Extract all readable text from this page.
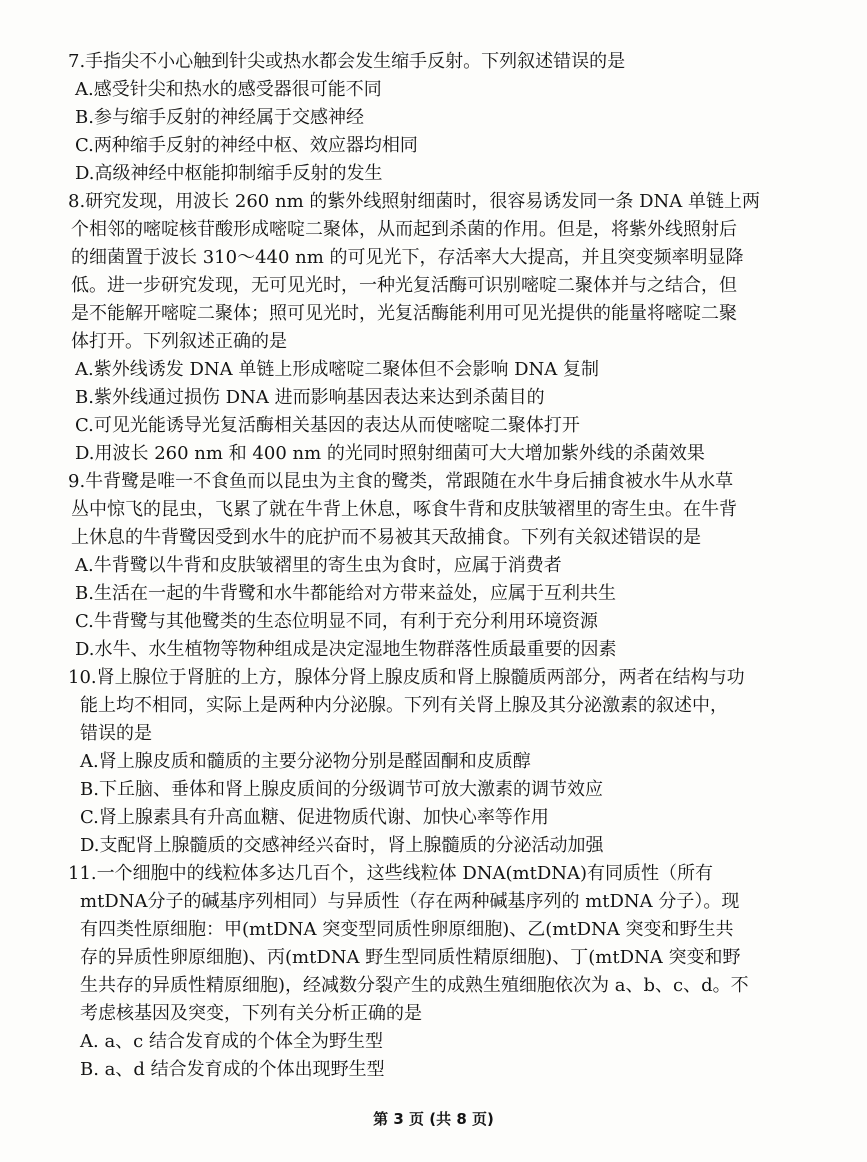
7.手指尖不小心触到针尖或热水都会发生缩手反射。下列叙述错误的是
A.感受针尖和热水的感受器很可能不同
B.参与缩手反射的神经属于交感神经
C.两种缩手反射的神经中枢、效应器均相同
D.高级神经中枢能抑制缩手反射的发生
8.研究发现，用波长 260 nm 的紫外线照射细菌时，很容易诱发同一条 DNA 单链上两
个相邻的嘧啶核苷酸形成嘧啶二聚体，从而起到杀菌的作用。但是，将紫外线照射后
的细菌置于波长 310～440 nm 的可见光下，存活率大大提高，并且突变频率明显降
低。进一步研究发现，无可见光时，一种光复活酶可识别嘧啶二聚体并与之结合，但
是不能解开嘧啶二聚体；照可见光时，光复活酶能利用可见光提供的能量将嘧啶二聚
体打开。下列叙述正确的是
A.紫外线诱发 DNA 单链上形成嘧啶二聚体但不会影响 DNA 复制
B.紫外线通过损伤 DNA 进而影响基因表达来达到杀菌目的
C.可见光能诱导光复活酶相关基因的表达从而使嘧啶二聚体打开
D.用波长 260 nm 和 400 nm 的光同时照射细菌可大大增加紫外线的杀菌效果
9.牛背鹭是唯一不食鱼而以昆虫为主食的鹭类，常跟随在水牛身后捕食被水牛从水草
丛中惊飞的昆虫，飞累了就在牛背上休息，啄食牛背和皮肤皱褶里的寄生虫。在牛背
上休息的牛背鹭因受到水牛的庇护而不易被其天敌捕食。下列有关叙述错误的是
A.牛背鹭以牛背和皮肤皱褶里的寄生虫为食时，应属于消费者
B.生活在一起的牛背鹭和水牛都能给对方带来益处，应属于互利共生
C.牛背鹭与其他鹭类的生态位明显不同，有利于充分利用环境资源
D.水牛、水生植物等物种组成是决定湿地生物群落性质最重要的因素
10.肾上腺位于肾脏的上方，腺体分肾上腺皮质和肾上腺髓质两部分，两者在结构与功
能上均不相同，实际上是两种内分泌腺。下列有关肾上腺及其分泌激素的叙述中，
错误的是
A.肾上腺皮质和髓质的主要分泌物分别是醛固酮和皮质醇
B.下丘脑、垂体和肾上腺皮质间的分级调节可放大激素的调节效应
C.肾上腺素具有升高血糖、促进物质代谢、加快心率等作用
D.支配肾上腺髓质的交感神经兴奋时，肾上腺髓质的分泌活动加强
11.一个细胞中的线粒体多达几百个，这些线粒体 DNA(mtDNA)有同质性（所有
mtDNA分子的碱基序列相同）与异质性（存在两种碱基序列的 mtDNA 分子）。现
有四类性原细胞：甲(mtDNA 突变型同质性卵原细胞)、乙(mtDNA 突变和野生共
存的异质性卵原细胞)、丙(mtDNA 野生型同质性精原细胞)、丁(mtDNA 突变和野
生共存的异质性精原细胞)，经减数分裂产生的成熟生殖细胞依次为 a、b、c、d。不
考虑核基因及突变，下列有关分析正确的是
A. a、c 结合发育成的个体全为野生型
B. a、d 结合发育成的个体出现野生型
第 3 页 (共 8 页)
